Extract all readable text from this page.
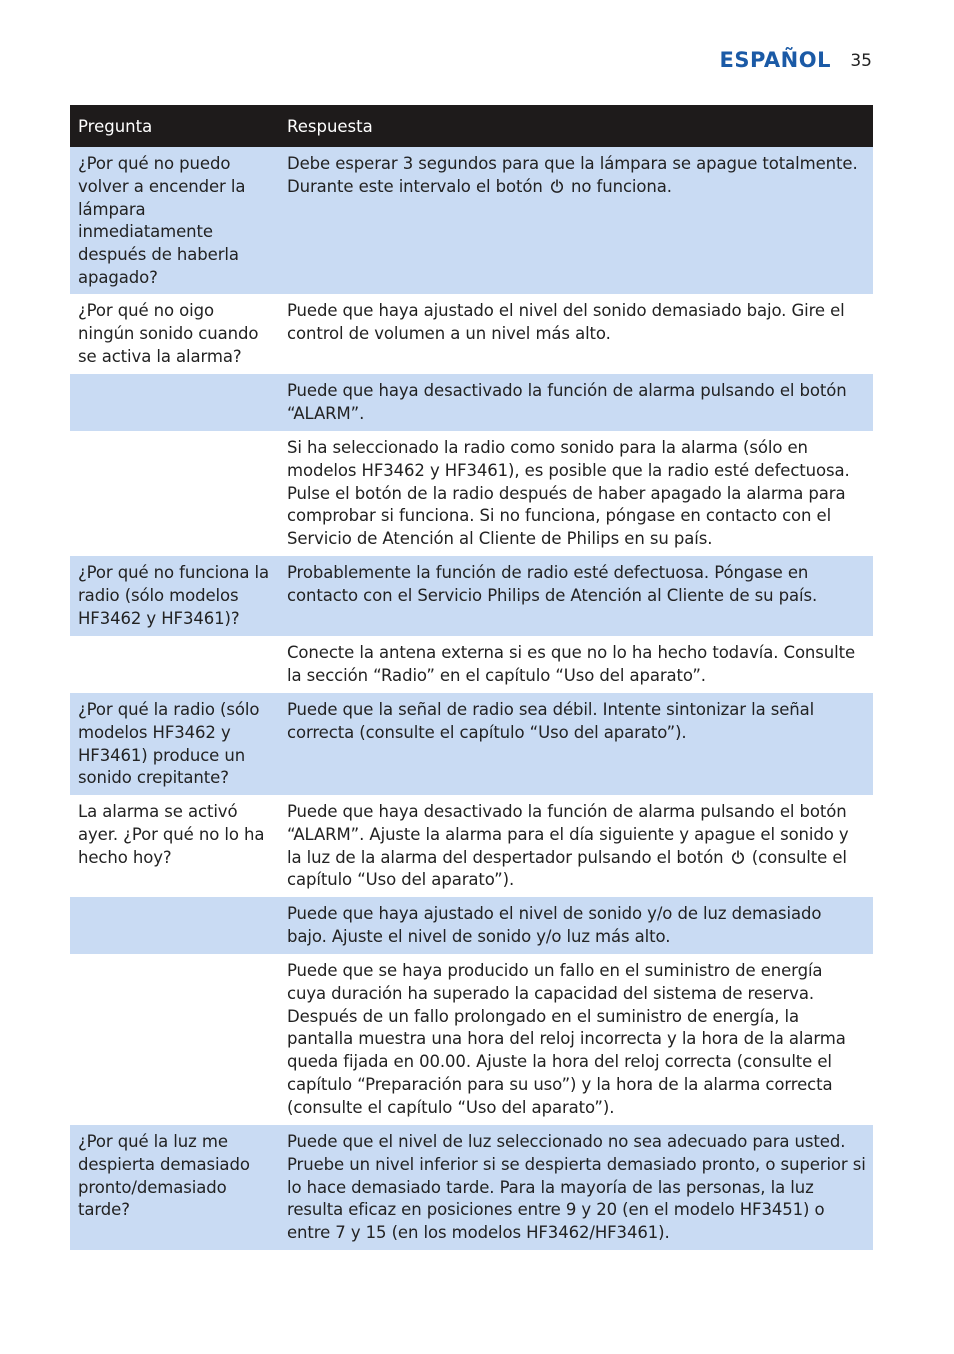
ESPAÑOL 35
Pregunta	Respuesta
¿Por qué no puedo volver a encender la lámpara inmediatamente después de haberla apagado?	Debe esperar 3 segundos para que la lámpara se apague totalmente. Durante este intervalo el botón no funciona.
¿Por qué no oigo ningún sonido cuando se activa la alarma?	Puede que haya ajustado el nivel del sonido demasiado bajo. Gire el control de volumen a un nivel más alto.
	Puede que haya desactivado la función de alarma pulsando el botón “ALARM”.
	Si ha seleccionado la radio como sonido para la alarma (sólo en modelos HF3462 y HF3461), es posible que la radio esté defectuosa. Pulse el botón de la radio después de haber apagado la alarma para comprobar si funciona. Si no funciona, póngase en contacto con el Servicio de Atención al Cliente de Philips en su país.
¿Por qué no funciona la radio (sólo modelos HF3462 y HF3461)?	Probablemente la función de radio esté defectuosa. Póngase en contacto con el Servicio Philips de Atención al Cliente de su país.
	Conecte la antena externa si es que no lo ha hecho todavía. Consulte la sección “Radio” en el capítulo “Uso del aparato”.
¿Por qué la radio (sólo modelos HF3462 y HF3461) produce un sonido crepitante?	Puede que la señal de radio sea débil. Intente sintonizar la señal correcta (consulte el capítulo “Uso del aparato”).
La alarma se activó ayer. ¿Por qué no lo ha hecho hoy?	Puede que haya desactivado la función de alarma pulsando el botón “ALARM”. Ajuste la alarma para el día siguiente y apague el sonido y la luz de la alarma del despertador pulsando el botón (consulte el capítulo “Uso del aparato”).
	Puede que haya ajustado el nivel de sonido y/o de luz demasiado bajo. Ajuste el nivel de sonido y/o luz más alto.
	Puede que se haya producido un fallo en el suministro de energía cuya duración ha superado la capacidad del sistema de reserva. Después de un fallo prolongado en el suministro de energía, la pantalla muestra una hora del reloj incorrecta y la hora de la alarma queda fijada en 00.00. Ajuste la hora del reloj correcta (consulte el capítulo “Preparación para su uso”) y la hora de la alarma correcta (consulte el capítulo “Uso del aparato”).
¿Por qué la luz me despierta demasiado pronto/demasiado tarde?	Puede que el nivel de luz seleccionado no sea adecuado para usted. Pruebe un nivel inferior si se despierta demasiado pronto, o superior si lo hace demasiado tarde. Para la mayoría de las personas, la luz resulta eficaz en posiciones entre 9 y 20 (en el modelo HF3451) o entre 7 y 15 (en los modelos HF3462/HF3461).
